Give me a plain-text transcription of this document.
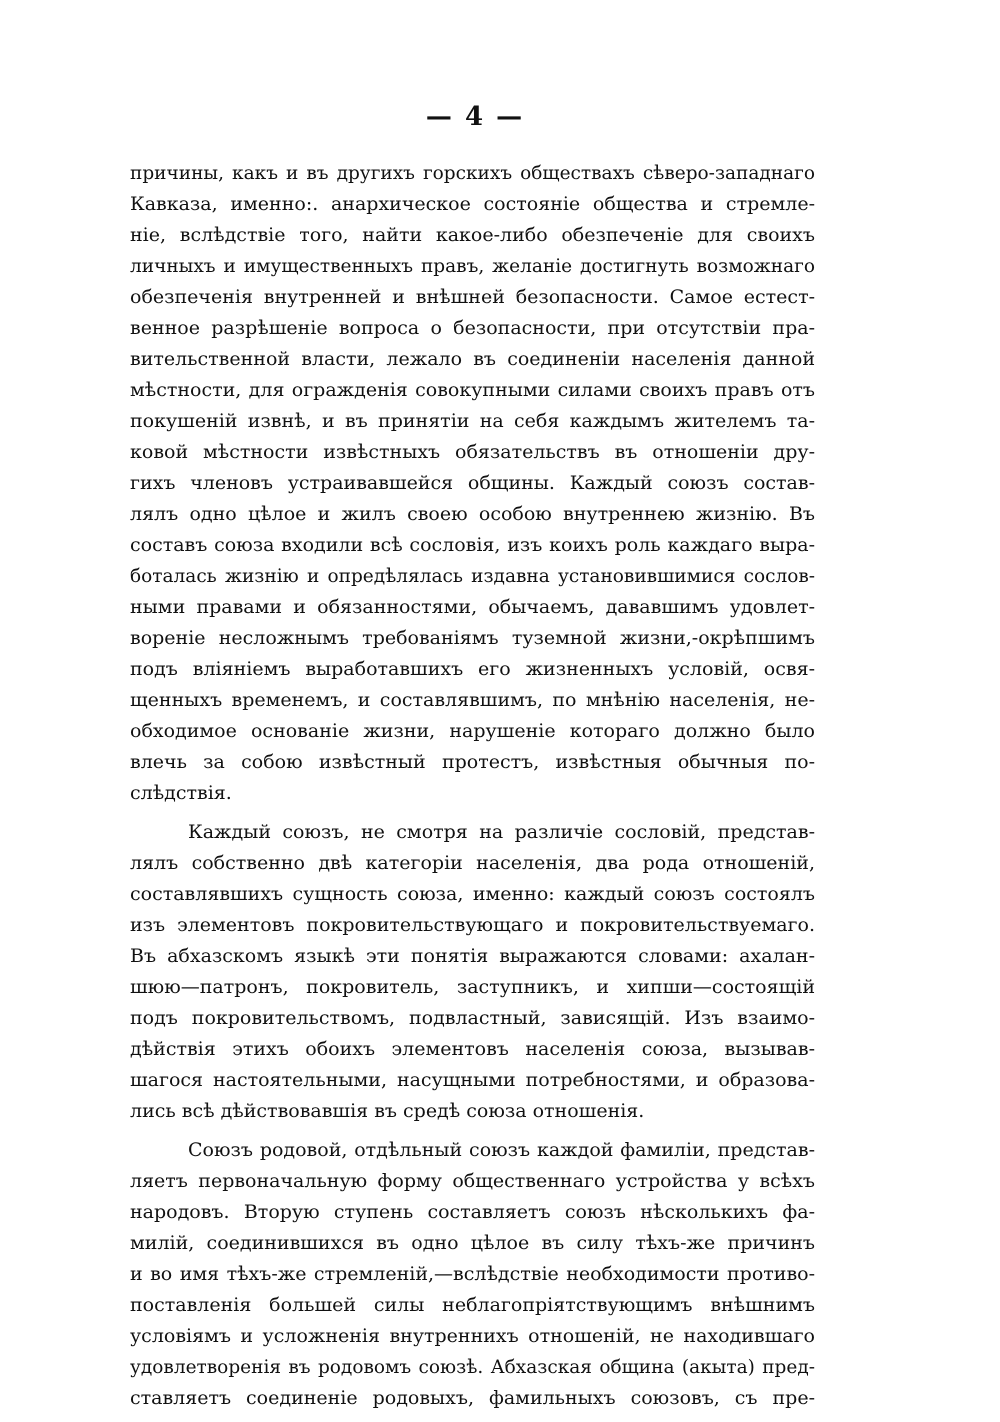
— 4 —
причины, какъ и въ другихъ горскихъ обществахъ сѣверо-западнаго
Кавказа, именно:. анархическое состояніе общества и стремле-
ніе, вслѣдствіе того, найти какое-либо обезпеченіе для своихъ
личныхъ и имущественныхъ правъ, желаніе достигнуть возможнаго
обезпеченія внутренней и внѣшней безопасности. Самое естест-
венное разрѣшеніе вопроса о безопасности, при отсутствіи пра-
вительственной власти, лежало въ соединеніи населенія данной
мѣстности, для огражденія совокупными силами своихъ правъ отъ
покушеній извнѣ, и въ принятіи на себя каждымъ жителемъ та-
ковой мѣстности извѣстныхъ обязательствъ въ отношеніи дру-
гихъ членовъ устраивавшейся общины. Каждый союзъ состав-
лялъ одно цѣлое и жилъ своею особою внутреннею жизнію. Въ
составъ союза входили всѣ сословія, изъ коихъ роль каждаго выра-
боталась жизнію и опредѣлялась издавна установившимися сослов-
ными правами и обязанностями, обычаемъ, дававшимъ удовлет-
вореніе несложнымъ требованіямъ туземной жизни,-окрѣпшимъ
подъ вліяніемъ выработавшихъ его жизненныхъ условій, освя-
щенныхъ временемъ, и составлявшимъ, по мнѣнію населенія, не-
обходимое основаніе жизни, нарушеніе котораго должно было
влечь за собою извѣстный протестъ, извѣстныя обычныя по-
слѣдствія.
Каждый союзъ, не смотря на различіе сословій, представ-
лялъ собственно двѣ категоріи населенія, два рода отношеній,
составлявшихъ сущность союза, именно: каждый союзъ состоялъ
изъ элементовъ покровительствующаго и покровительствуемаго.
Въ абхазскомъ языкѣ эти понятія выражаются словами: ахалан-
шюю—патронъ, покровитель, заступникъ, и хипши—состоящій
подъ покровительствомъ, подвластный, зависящій. Изъ взаимо-
дѣйствія этихъ обоихъ элементовъ населенія союза, вызывав-
шагося настоятельными, насущными потребностями, и образова-
лись всѣ дѣйствовавшія въ средѣ союза отношенія.
Союзъ родовой, отдѣльный союзъ каждой фамиліи, представ-
ляетъ первоначальную форму общественнаго устройства у всѣхъ
народовъ. Вторую ступень составляетъ союзъ нѣсколькихъ фа-
милій, соединившихся въ одно цѣлое въ силу тѣхъ-же причинъ
и во имя тѣхъ-же стремленій,—вслѣдствіе необходимости противо-
поставленія большей силы неблагопріятствующимъ внѣшнимъ
условіямъ и усложненія внутреннихъ отношеній, не находившаго
удовлетворенія въ родовомъ союзѣ. Абхазская община (акыта) пред-
ставляетъ соединеніе родовыхъ, фамильныхъ союзовъ, съ пре-
